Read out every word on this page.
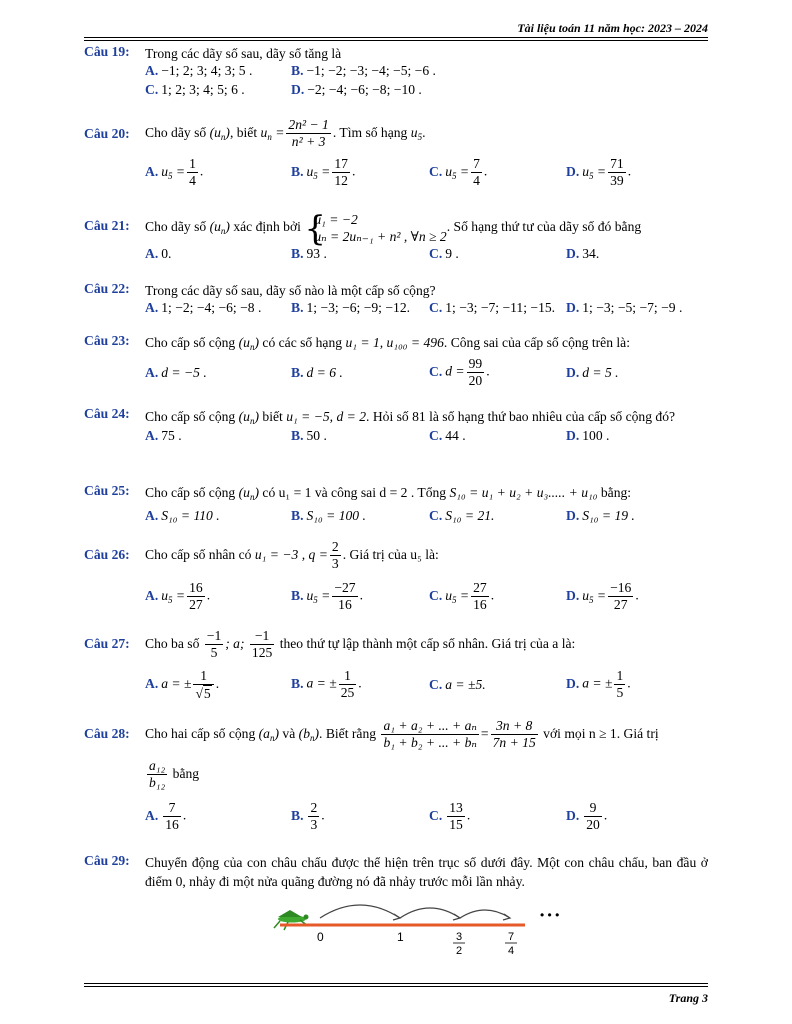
Tài liệu toán 11 năm học: 2023 – 2024
Câu 19: Trong các dãy số sau, dãy số tăng là
A. −1; 2; 3; 4; 3; 5 .	B. −1; −2; −3; −4; −5; −6 .
C. 1; 2; 3; 4; 5; 6 .	D. −2; −4; −6; −8; −10 .
Câu 20: Cho dãy số $(u_n)$, biết $u_n = \frac{\text{2n² − 1}}{\text{n² + 3}}$ . Tìm số hạng $u_5$.
A. $u_5 = \frac{1}{4}$ .	B. $u_5 = \frac{17}{12}$ .	C. $u_5 = \frac{7}{4}$ .	D. $u_5 = \frac{71}{39}$ .
Câu 21: Cho dãy số $(u_n)$ xác định bởi {
u₁ = −2
uₙ = 2uₙ₋₁ + n² , ∀n ≥ 2
. Số hạng thứ tư của dãy số đó bằng
A. 0.	B. 93 .	C. 9 .	D. 34.
Câu 22: Trong các dãy số sau, dãy số nào là một cấp số cộng?
A. 1; −2; −4; −6; −8 . B. 1; −3; −6; −9; −12. C. 1; −3; −7; −11; −15. D. 1; −3; −5; −7; −9 .
Câu 23: Cho cấp số cộng $(u_n)$ có các số hạng u₁ = 1, u₁₀₀ = 496. Công sai của cấp số cộng trên là:
A. d = −5 .	B. d = 6 .	C. $d = \frac{99}{20}$ .	D. d = 5 .
Câu 24: Cho cấp số cộng $(u_n)$ biết u₁ = −5, d = 2. Hỏi số 81 là số hạng thứ bao nhiêu của cấp số cộng đó?
A. 75 .	B. 50 .	C. 44 .	D. 100 .
Câu 25: Cho cấp số cộng $(u_n)$ có u₁ = 1 và công sai d = 2 . Tổng S₁₀ = u₁ + u₂ + u₃..... + u₁₀ bằng:
A. S₁₀ = 110 .	B. S₁₀ = 100 .	C. S₁₀ = 21.	D. S₁₀ = 19 .
Câu 26: Cho cấp số nhân có u₁ = −3 , $q = \frac{2}{3}$ . Giá trị của u₅ là:
A. $u_5 = \frac{16}{27}$ .	B. $u_5 = \frac{-27}{16}$ .	C. $u_5 = \frac{27}{16}$ .	D. $u_5 = \frac{-16}{27}$ .
Câu 27: Cho ba số $\frac{-1}{5}$ ; a; $\frac{-1}{125}$ theo thứ tự lập thành một cấp số nhân. Giá trị của a là:
A. a = ± $\frac{1}{√5}$ .	B. a = ± $\frac{1}{25}$ .	C. a = ±5.	D. a = ± $\frac{1}{5}$ .
Câu 28: Cho hai cấp số cộng $(a_n)$ và $(b_n)$. Biết rằng $\frac{\text{a₁ + a₂ + ... + aₙ}}{\text{b₁ + b₂ + ... + bₙ}} = \frac{3n + 8}{7n + 15}$ với mọi n ≥ 1. Giá trị
$\frac{\text{a₁₂}}{\text{b₁₂}}$ bằng
A. $\frac{7}{16}$ .	B. $\frac{2}{3}$ .	C. $\frac{13}{15}$ .	D. $\frac{9}{20}$ .
Câu 29: Chuyển động của con châu chấu được thể hiện trên trục số dưới đây. Một con châu chấu, ban đầu ở điểm 0, nhảy đi một nửa quãng đường nó đã nhảy trước mỗi lần nhảy.
• • •
0	1	3
2
7
4
Trang 3
